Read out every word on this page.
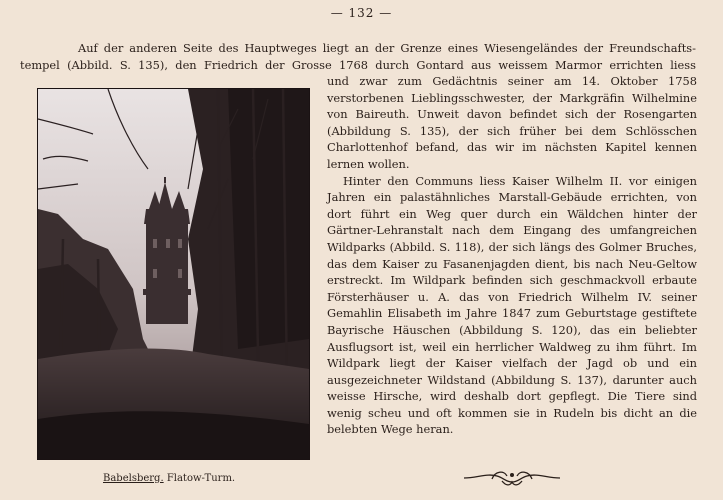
— 132 —
Auf der anderen Seite des Hauptweges liegt an der Grenze eines Wiesengeländes der Freundschafts-
tempel (Abbild. S. 135), den Friedrich der Grosse 1768 durch Gontard aus weissem Marmor errichten liess

und zwar zum Gedächtnis seiner am 14. Oktober 1758 verstorbenen Lieblingsschwester, der Markgräfin Wilhelmine von Baireuth. Unweit davon befindet sich der Rosengarten (Abbildung S. 135), der sich früher bei dem Schlösschen Charlottenhof befand, das wir im nächsten Kapitel kennen lernen wollen.

Hinter den Communs liess Kaiser Wilhelm II. vor einigen Jahren ein palastähnliches Marstall-Gebäude errichten, von dort führt ein Weg quer durch ein Wäldchen hinter der Gärtner-Lehranstalt nach dem Eingang des umfangreichen Wildparks (Abbild. S. 118), der sich längs des Golmer Bruches, das dem Kaiser zu Fasanenjagden dient, bis nach Neu-Geltow erstreckt. Im Wildpark befinden sich geschmackvoll erbaute Försterhäuser u. A. das von Friedrich Wilhelm IV. seiner Gemahlin Elisabeth im Jahre 1847 zum Geburtstage gestiftete Bayrische Häuschen (Abbildung S. 120), das ein beliebter Ausflugsort ist, weil ein herrlicher Waldweg zu ihm führt. Im Wildpark liegt der Kaiser vielfach der Jagd ob und ein ausgezeichneter Wildstand (Abbildung S. 137), darunter auch weisse Hirsche, wird deshalb dort gepflegt. Die Tiere sind wenig scheu und oft kommen sie in Rudeln bis dicht an die belebten Wege heran.

Babelsberg. Flatow-Turm.
